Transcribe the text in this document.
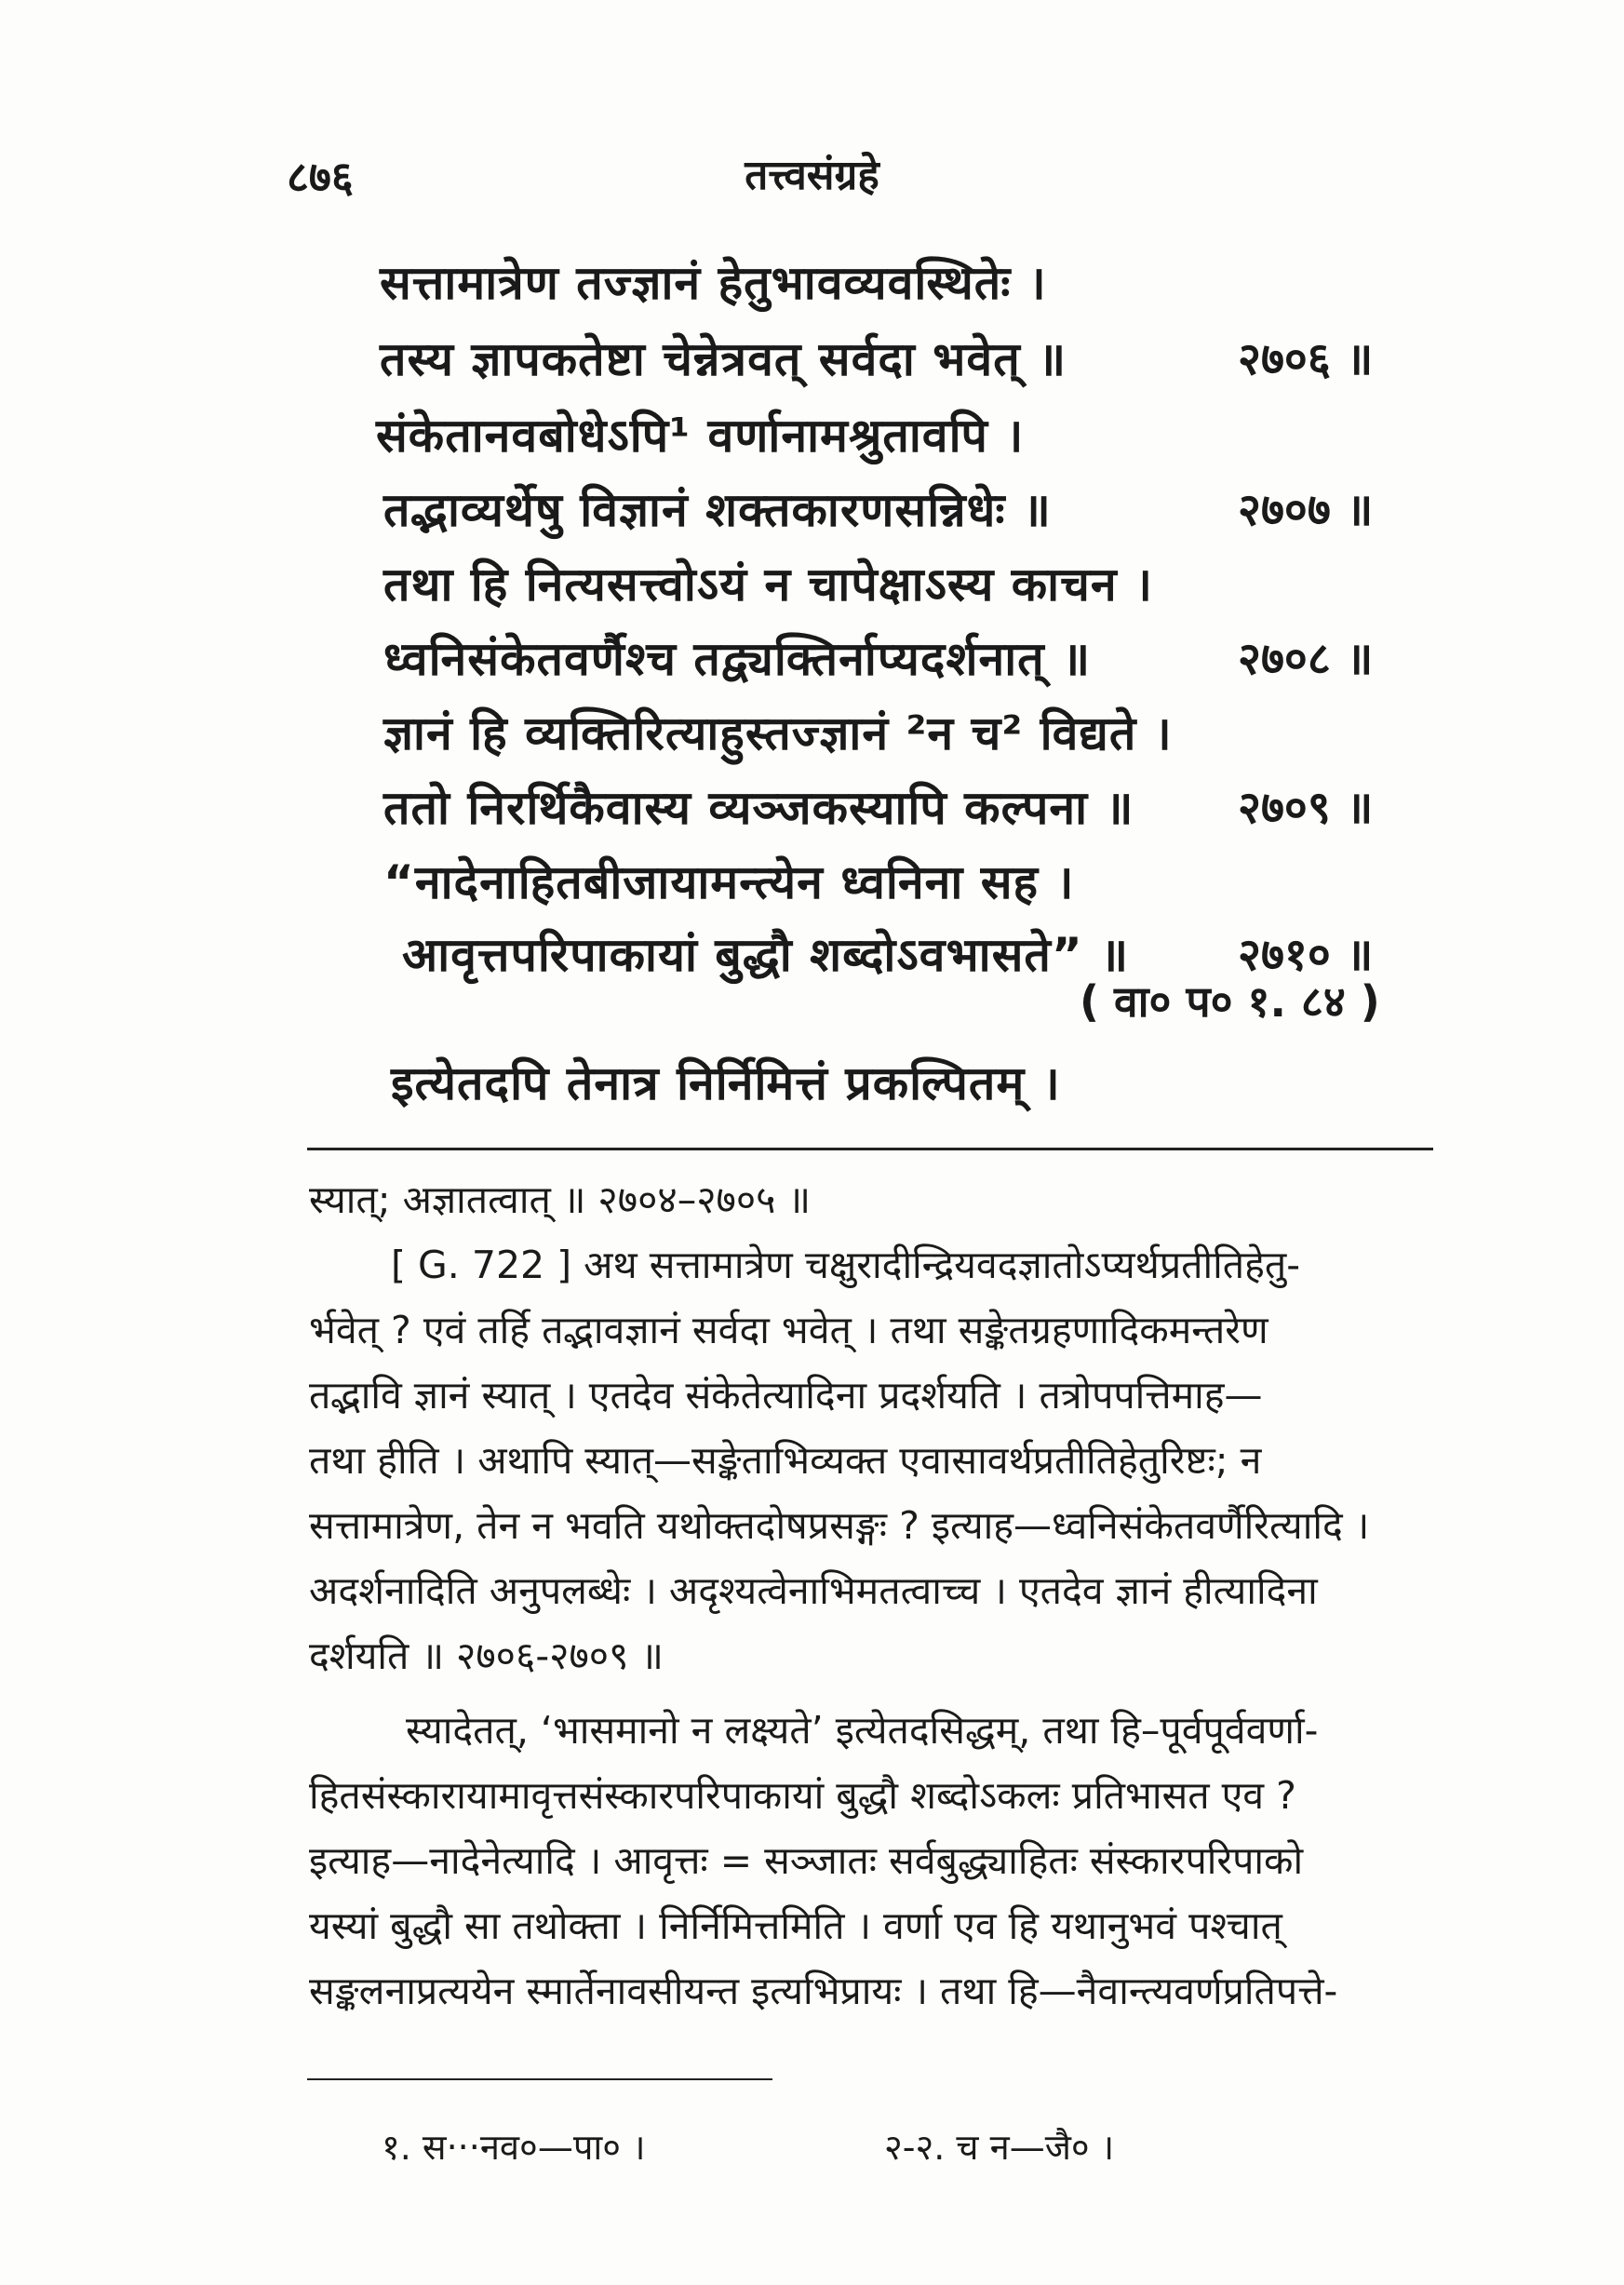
८७६	तत्त्वसंग्रहे
सत्तामात्रेण तज्ज्ञानं हेतुभावव्यवस्थितेः ।
तस्य ज्ञापकतेष्टा चेन्नेत्रवत् सर्वदा भवेत् ॥	२७०६ ॥
संकेतानवबोधेऽपि¹ वर्णानामश्रुतावपि ।
तद्भाव्यर्थेषु विज्ञानं शक्तकारणसन्निधेः ॥	२७०७ ॥
तथा हि नित्यसत्त्वोऽयं न चापेक्षाऽस्य काचन ।
ध्वनिसंकेतवर्णैश्च तद्व्यक्तिर्नाप्यदर्शनात् ॥	२७०८ ॥
ज्ञानं हि व्यक्तिरित्याहुस्तज्ज्ञानं ²न च² विद्यते ।
ततो निरर्थिकैवास्य व्यञ्जकस्यापि कल्पना ॥ २७०९ ॥
“नादेनाहितबीजायामन्त्येन ध्वनिना सह ।
आवृत्तपरिपाकायां बुद्धौ शब्दोऽवभासते” ॥ २७१० ॥
( वा० प० १. ८४ )
इत्येतदपि तेनात्र निर्निमित्तं प्रकल्पितम् ।
स्यात्; अज्ञातत्वात् ॥ २७०४–२७०५ ॥
[ G. 722 ] अथ सत्तामात्रेण चक्षुरादीन्द्रियवदज्ञातोऽप्यर्थप्रतीतिहेतु-
र्भवेत् ? एवं तर्हि तद्भावज्ञानं सर्वदा भवेत् । तथा सङ्केतग्रहणादिकमन्तरेण
तद्भावि ज्ञानं स्यात् । एतदेव संकेतेत्यादिना प्रदर्शयति । तत्रोपपत्तिमाह—
तथा हीति । अथापि स्यात्—सङ्केताभिव्यक्त एवासावर्थप्रतीतिहेतुरिष्टः; न
सत्तामात्रेण, तेन न भवति यथोक्तदोषप्रसङ्गः ? इत्याह—ध्वनिसंकेतवर्णैरित्यादि ।
अदर्शनादिति अनुपलब्धेः । अदृश्यत्वेनाभिमतत्वाच्च । एतदेव ज्ञानं हीत्यादिना
दर्शयति ॥ २७०६-२७०९ ॥
स्यादेतत्, ‘भासमानो न लक्ष्यते’ इत्येतदसिद्धम्, तथा हि–पूर्वपूर्ववर्णा-
हितसंस्कारायामावृत्तसंस्कारपरिपाकायां बुद्धौ शब्दोऽकलः प्रतिभासत एव ?
इत्याह—नादेनेत्यादि । आवृत्तः = सञ्जातः सर्वबुद्ध्याहितः संस्कारपरिपाको
यस्यां बुद्धौ सा तथोक्ता । निर्निमित्तमिति । वर्णा एव हि यथानुभवं पश्चात्
सङ्कलनाप्रत्ययेन स्मार्तेनावसीयन्त इत्यभिप्रायः । तथा हि—नैवान्त्यवर्णप्रतिपत्ते-
१. स···नव०—पा० ।	२-२. च न—जै० ।
